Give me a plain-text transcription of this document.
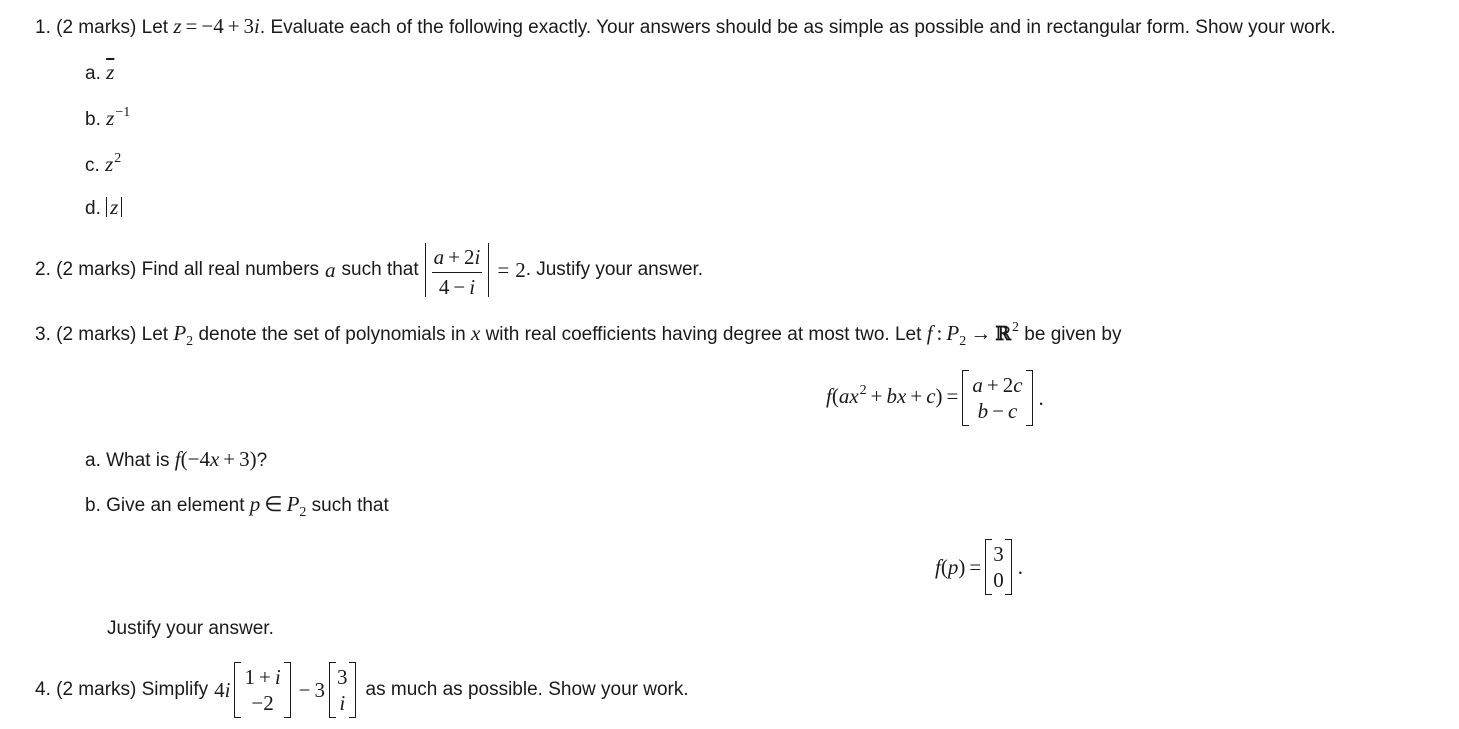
1. (2 marks) Let z = −4 + 3i. Evaluate each of the following exactly. Your answers should be as simple as possible and in rectangular form. Show your work.
a. $\overline{z}$
b. $z^{-1}$
c. $z^2$
d. z
2. (2 marks) Find all real numbers a such that $\frac{a + 2i}{4 - i} = 2$ . Justify your answer.
3. (2 marks) Let $P_2$ denote the set of polynomials in x with real coefficients having degree at most two. Let f : $P_2$ → ℝ$^2$ be given by
$f(ax^2$ + bx + c) = a + 2c
b − c
.
a. What is f(−4x + 3)?
b. Give an element p ∈ $P_2$ such that
f(p) =
3
0
.
Justify your answer.
4. (2 marks) Simplify 4i
1 + i
−2
− 3
3
i
as much as possible. Show your work.
